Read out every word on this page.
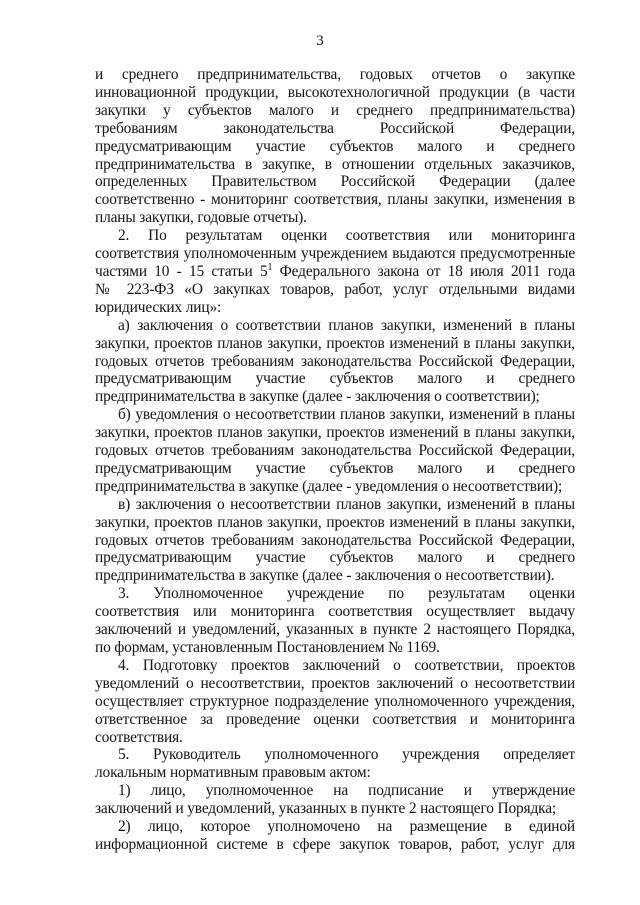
3
и среднего предпринимательства, годовых отчетов о закупке
инновационной продукции, высокотехнологичной продукции (в части
закупки у субъектов малого и среднего предпринимательства)
требованиям законодательства Российской Федерации,
предусматривающим участие субъектов малого и среднего
предпринимательства в закупке, в отношении отдельных заказчиков,
определенных Правительством Российской Федерации (далее
соответственно - мониторинг соответствия, планы закупки, изменения в
планы закупки, годовые отчеты).
2. По результатам оценки соответствия или мониторинга
соответствия уполномоченным учреждением выдаются предусмотренные
частями 10 - 15 статьи $5^1$ Федерального закона от 18 июля 2011 года
№ 223-ФЗ «О закупках товаров, работ, услуг отдельными видами
юридических лиц»:
а) заключения о соответствии планов закупки, изменений в планы
закупки, проектов планов закупки, проектов изменений в планы закупки,
годовых отчетов требованиям законодательства Российской Федерации,
предусматривающим участие субъектов малого и среднего
предпринимательства в закупке (далее - заключения о соответствии);
б) уведомления о несоответствии планов закупки, изменений в планы
закупки, проектов планов закупки, проектов изменений в планы закупки,
годовых отчетов требованиям законодательства Российской Федерации,
предусматривающим участие субъектов малого и среднего
предпринимательства в закупке (далее - уведомления о несоответствии);
в) заключения о несоответствии планов закупки, изменений в планы
закупки, проектов планов закупки, проектов изменений в планы закупки,
годовых отчетов требованиям законодательства Российской Федерации,
предусматривающим участие субъектов малого и среднего
предпринимательства в закупке (далее - заключения о несоответствии).
3. Уполномоченное учреждение по результатам оценки
соответствия или мониторинга соответствия осуществляет выдачу
заключений и уведомлений, указанных в пункте 2 настоящего Порядка,
по формам, установленным Постановлением № 1169.
4. Подготовку проектов заключений о соответствии, проектов
уведомлений о несоответствии, проектов заключений о несоответствии
осуществляет структурное подразделение уполномоченного учреждения,
ответственное за проведение оценки соответствия и мониторинга
соответствия.
5. Руководитель уполномоченного учреждения определяет
локальным нормативным правовым актом:
1) лицо, уполномоченное на подписание и утверждение
заключений и уведомлений, указанных в пункте 2 настоящего Порядка;
2) лицо, которое уполномочено на размещение в единой
информационной системе в сфере закупок товаров, работ, услуг для
